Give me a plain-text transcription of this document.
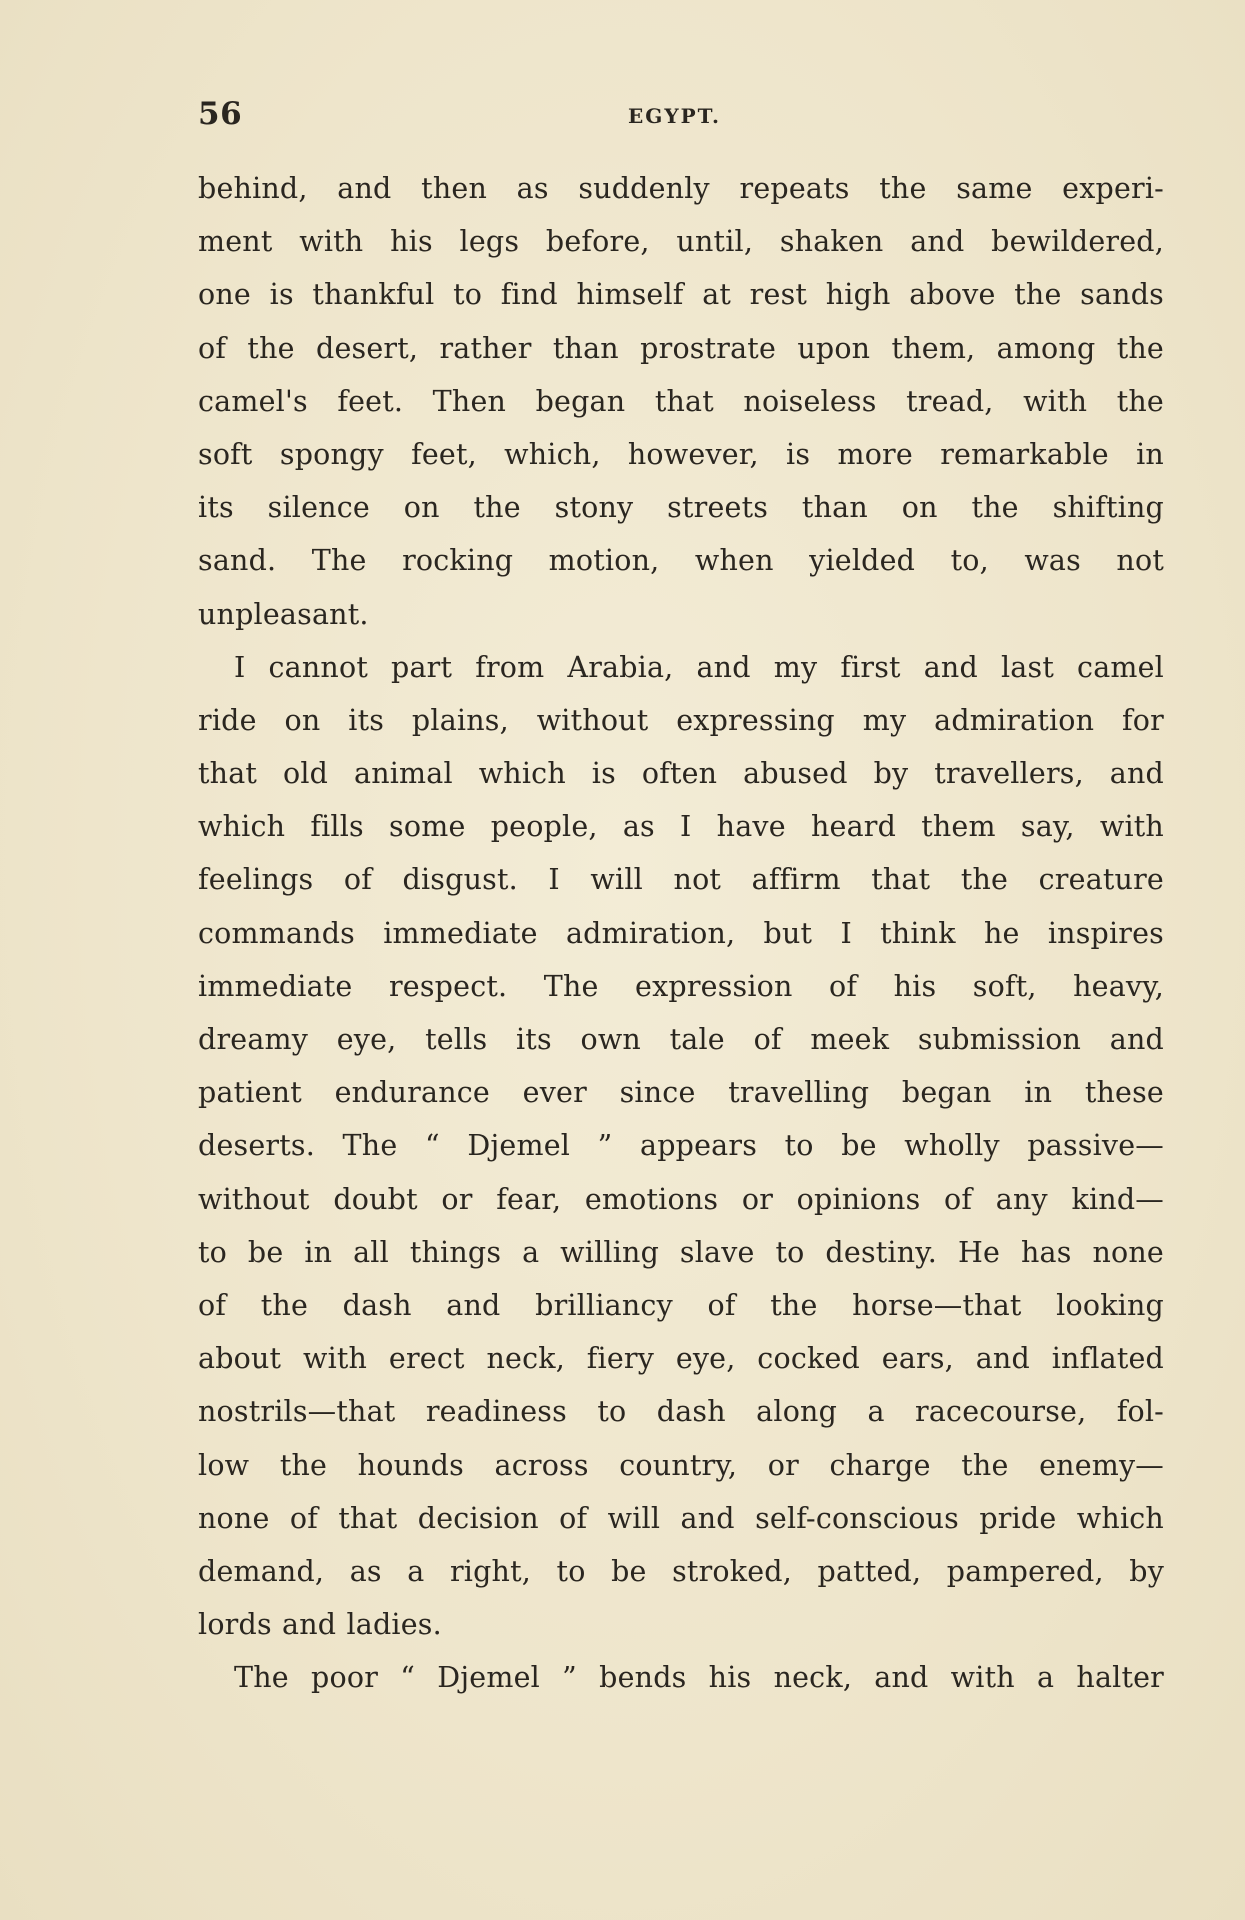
56	EGYPT.
behind, and then as suddenly repeats the same experi-
ment with his legs before, until, shaken and bewildered,
one is thankful to find himself at rest high above the sands
of the desert, rather than prostrate upon them, among the
camel's feet. Then began that noiseless tread, with the
soft spongy feet, which, however, is more remarkable in
its silence on the stony streets than on the shifting
sand. The rocking motion, when yielded to, was not
unpleasant.
I cannot part from Arabia, and my first and last camel
ride on its plains, without expressing my admiration for
that old animal which is often abused by travellers, and
which fills some people, as I have heard them say, with
feelings of disgust. I will not affirm that the creature
commands immediate admiration, but I think he inspires
immediate respect. The expression of his soft, heavy,
dreamy eye, tells its own tale of meek submission and
patient endurance ever since travelling began in these
deserts. The “ Djemel ” appears to be wholly passive—
without doubt or fear, emotions or opinions of any kind—
to be in all things a willing slave to destiny. He has none
of the dash and brilliancy of the horse—that looking
about with erect neck, fiery eye, cocked ears, and inflated
nostrils—that readiness to dash along a racecourse, fol-
low the hounds across country, or charge the enemy—
none of that decision of will and self-conscious pride which
demand, as a right, to be stroked, patted, pampered, by
lords and ladies.
The poor “ Djemel ” bends his neck, and with a halter
